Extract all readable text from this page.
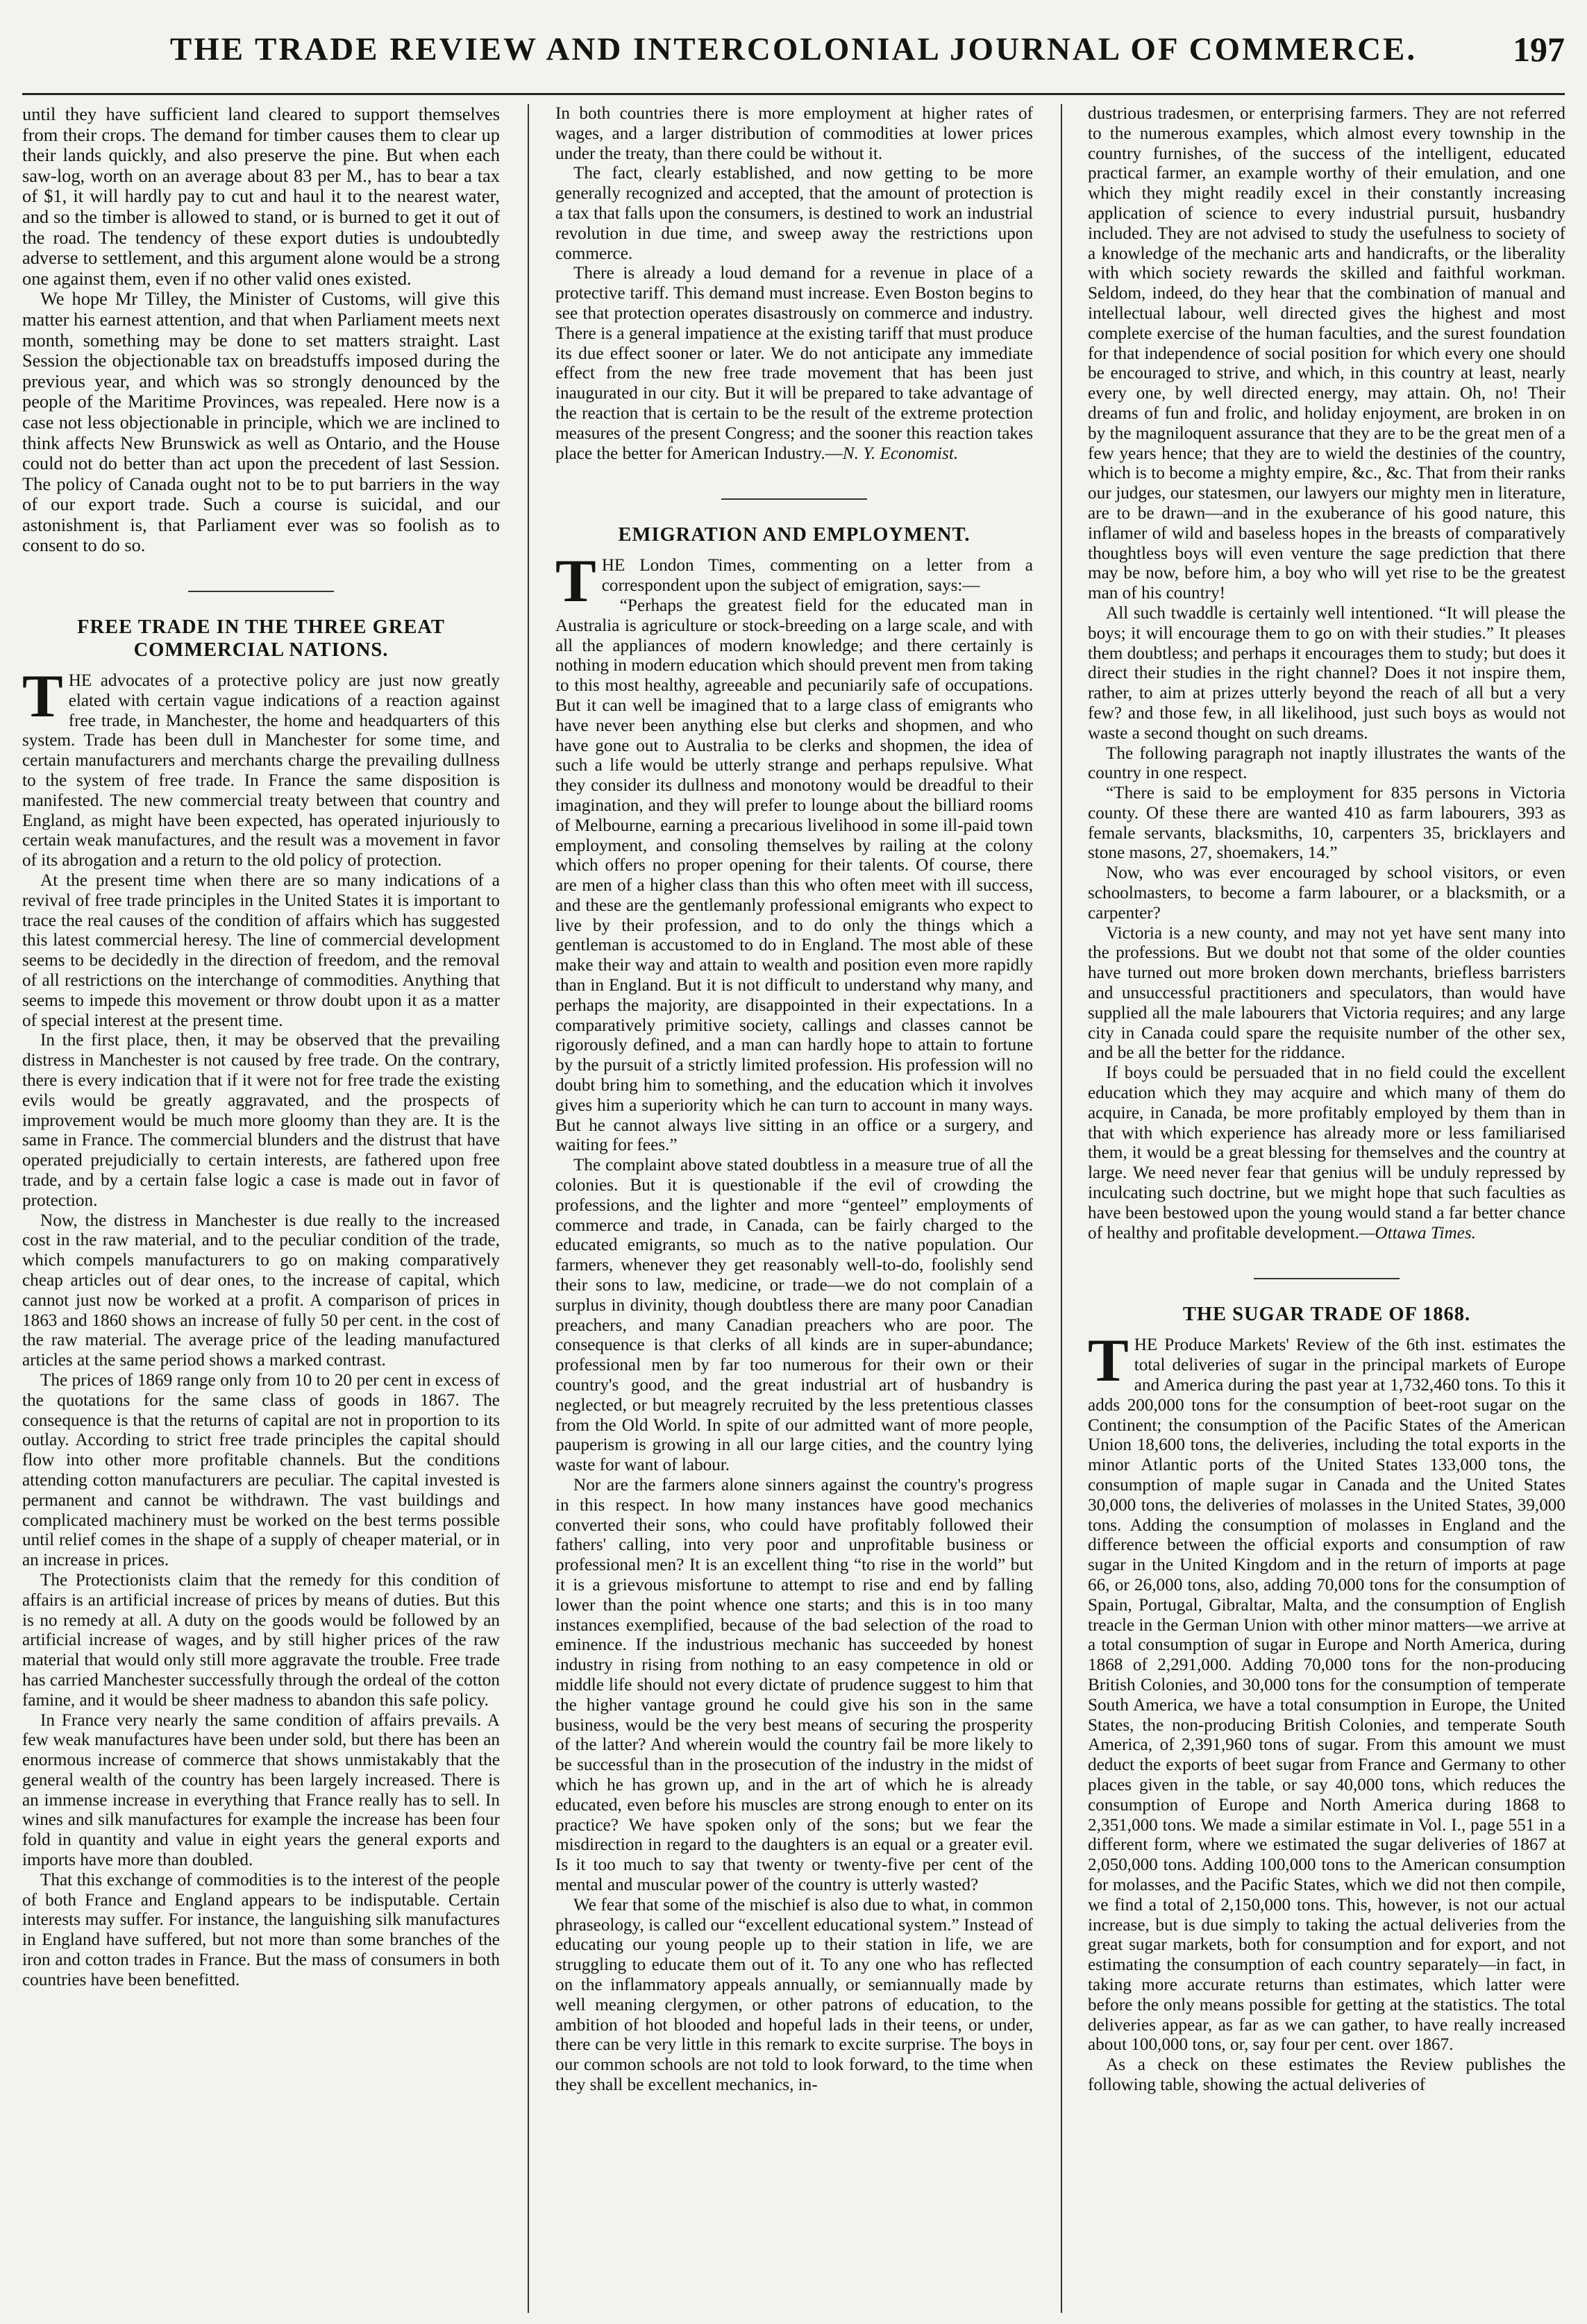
THE TRADE REVIEW AND INTERCOLONIAL JOURNAL OF COMMERCE.	197

until they have sufficient land cleared to support themselves from their crops. The demand for timber causes them to clear up their lands quickly, and also preserve the pine. But when each saw-log, worth on an average about 83 per M., has to bear a tax of $1, it will hardly pay to cut and haul it to the nearest water, and so the timber is allowed to stand, or is burned to get it out of the road. The tendency of these export duties is undoubtedly adverse to settlement, and this argument alone would be a strong one against them, even if no other valid ones existed.

We hope Mr Tilley, the Minister of Customs, will give this matter his earnest attention, and that when Parliament meets next month, something may be done to set matters straight. Last Session the objectionable tax on breadstuffs imposed during the previous year, and which was so strongly denounced by the people of the Maritime Provinces, was repealed. Here now is a case not less objectionable in principle, which we are inclined to think affects New Brunswick as well as Ontario, and the House could not do better than act upon the precedent of last Session. The policy of Canada ought not to be to put barriers in the way of our export trade. Such a course is suicidal, and our astonishment is, that Parliament ever was so foolish as to consent to do so.

FREE TRADE IN THE THREE GREAT
COMMERCIAL NATIONS.

THE advocates of a protective policy are just now greatly elated with certain vague indications of a reaction against free trade, in Manchester, the home and headquarters of this system. Trade has been dull in Manchester for some time, and certain manufacturers and merchants charge the prevailing dullness to the system of free trade. In France the same disposition is manifested. The new commercial treaty between that country and England, as might have been expected, has operated injuriously to certain weak manufactures, and the result was a movement in favor of its abrogation and a return to the old policy of protection.

At the present time when there are so many indications of a revival of free trade principles in the United States it is important to trace the real causes of the condition of affairs which has suggested this latest commercial heresy. The line of commercial development seems to be decidedly in the direction of freedom, and the removal of all restrictions on the interchange of commodities. Anything that seems to impede this movement or throw doubt upon it as a matter of special interest at the present time.

In the first place, then, it may be observed that the prevailing distress in Manchester is not caused by free trade. On the contrary, there is every indication that if it were not for free trade the existing evils would be greatly aggravated, and the prospects of improvement would be much more gloomy than they are. It is the same in France. The commercial blunders and the distrust that have operated prejudicially to certain interests, are fathered upon free trade, and by a certain false logic a case is made out in favor of protection.

Now, the distress in Manchester is due really to the increased cost in the raw material, and to the peculiar condition of the trade, which compels manufacturers to go on making comparatively cheap articles out of dear ones, to the increase of capital, which cannot just now be worked at a profit. A comparison of prices in 1863 and 1860 shows an increase of fully 50 per cent. in the cost of the raw material. The average price of the leading manufactured articles at the same period shows a marked contrast.

The prices of 1869 range only from 10 to 20 per cent in excess of the quotations for the same class of goods in 1867. The consequence is that the returns of capital are not in proportion to its outlay. According to strict free trade principles the capital should flow into other more profitable channels. But the conditions attending cotton manufacturers are peculiar. The capital invested is permanent and cannot be withdrawn. The vast buildings and complicated machinery must be worked on the best terms possible until relief comes in the shape of a supply of cheaper material, or in an increase in prices.

The Protectionists claim that the remedy for this condition of affairs is an artificial increase of prices by means of duties. But this is no remedy at all. A duty on the goods would be followed by an artificial increase of wages, and by still higher prices of the raw material that would only still more aggravate the trouble. Free trade has carried Manchester successfully through the ordeal of the cotton famine, and it would be sheer madness to abandon this safe policy.

In France very nearly the same condition of affairs prevails. A few weak manufactures have been under sold, but there has been an enormous increase of commerce that shows unmistakably that the general wealth of the country has been largely increased. There is an immense increase in everything that France really has to sell. In wines and silk manufactures for example the increase has been four fold in quantity and value in eight years the general exports and imports have more than doubled.

That this exchange of commodities is to the interest of the people of both France and England appears to be indisputable. Certain interests may suffer. For instance, the languishing silk manufactures in England have suffered, but not more than some branches of the iron and cotton trades in France. But the mass of consumers in both countries have been benefitted.

In both countries there is more employment at higher rates of wages, and a larger distribution of commodities at lower prices under the treaty, than there could be without it.

The fact, clearly established, and now getting to be more generally recognized and accepted, that the amount of protection is a tax that falls upon the consumers, is destined to work an industrial revolution in due time, and sweep away the restrictions upon commerce.

There is already a loud demand for a revenue in place of a protective tariff. This demand must increase. Even Boston begins to see that protection operates disastrously on commerce and industry. There is a general impatience at the existing tariff that must produce its due effect sooner or later. We do not anticipate any immediate effect from the new free trade movement that has been just inaugurated in our city. But it will be prepared to take advantage of the reaction that is certain to be the result of the extreme protection measures of the present Congress; and the sooner this reaction takes place the better for American Industry.—N. Y. Economist.

EMIGRATION AND EMPLOYMENT.

THE London Times, commenting on a letter from a correspondent upon the subject of emigration, says:—

“Perhaps the greatest field for the educated man in Australia is agriculture or stock-breeding on a large scale, and with all the appliances of modern knowledge; and there certainly is nothing in modern education which should prevent men from taking to this most healthy, agreeable and pecuniarily safe of occupations. But it can well be imagined that to a large class of emigrants who have never been anything else but clerks and shopmen, and who have gone out to Australia to be clerks and shopmen, the idea of such a life would be utterly strange and perhaps repulsive. What they consider its dullness and monotony would be dreadful to their imagination, and they will prefer to lounge about the billiard rooms of Melbourne, earning a precarious livelihood in some ill-paid town employment, and consoling themselves by railing at the colony which offers no proper opening for their talents. Of course, there are men of a higher class than this who often meet with ill success, and these are the gentlemanly professional emigrants who expect to live by their profession, and to do only the things which a gentleman is accustomed to do in England. The most able of these make their way and attain to wealth and position even more rapidly than in England. But it is not difficult to understand why many, and perhaps the majority, are disappointed in their expectations. In a comparatively primitive society, callings and classes cannot be rigorously defined, and a man can hardly hope to attain to fortune by the pursuit of a strictly limited profession. His profession will no doubt bring him to something, and the education which it involves gives him a superiority which he can turn to account in many ways. But he cannot always live sitting in an office or a surgery, and waiting for fees.”

The complaint above stated doubtless in a measure true of all the colonies. But it is questionable if the evil of crowding the professions, and the lighter and more “genteel” employments of commerce and trade, in Canada, can be fairly charged to the educated emigrants, so much as to the native population. Our farmers, whenever they get reasonably well-to-do, foolishly send their sons to law, medicine, or trade—we do not complain of a surplus in divinity, though doubtless there are many poor Canadian preachers, and many Canadian preachers who are poor. The consequence is that clerks of all kinds are in super-abundance; professional men by far too numerous for their own or their country's good, and the great industrial art of husbandry is neglected, or but meagrely recruited by the less pretentious classes from the Old World. In spite of our admitted want of more people, pauperism is growing in all our large cities, and the country lying waste for want of labour.

Nor are the farmers alone sinners against the country's progress in this respect. In how many instances have good mechanics converted their sons, who could have profitably followed their fathers' calling, into very poor and unprofitable business or professional men? It is an excellent thing “to rise in the world” but it is a grievous misfortune to attempt to rise and end by falling lower than the point whence one starts; and this is in too many instances exemplified, because of the bad selection of the road to eminence. If the industrious mechanic has succeeded by honest industry in rising from nothing to an easy competence in old or middle life should not every dictate of prudence suggest to him that the higher vantage ground he could give his son in the same business, would be the very best means of securing the prosperity of the latter? And wherein would the country fail be more likely to be successful than in the prosecution of the industry in the midst of which he has grown up, and in the art of which he is already educated, even before his muscles are strong enough to enter on its practice? We have spoken only of the sons; but we fear the misdirection in regard to the daughters is an equal or a greater evil. Is it too much to say that twenty or twenty-five per cent of the mental and muscular power of the country is utterly wasted?

We fear that some of the mischief is also due to what, in common phraseology, is called our “excellent educational system.” Instead of educating our young people up to their station in life, we are struggling to educate them out of it. To any one who has reflected on the inflammatory appeals annually, or semiannually made by well meaning clergymen, or other patrons of education, to the ambition of hot blooded and hopeful lads in their teens, or under, there can be very little in this remark to excite surprise. The boys in our common schools are not told to look forward, to the time when they shall be excellent mechanics, in-

dustrious tradesmen, or enterprising farmers. They are not referred to the numerous examples, which almost every township in the country furnishes, of the success of the intelligent, educated practical farmer, an example worthy of their emulation, and one which they might readily excel in their constantly increasing application of science to every industrial pursuit, husbandry included. They are not advised to study the usefulness to society of a knowledge of the mechanic arts and handicrafts, or the liberality with which society rewards the skilled and faithful workman. Seldom, indeed, do they hear that the combination of manual and intellectual labour, well directed gives the highest and most complete exercise of the human faculties, and the surest foundation for that independence of social position for which every one should be encouraged to strive, and which, in this country at least, nearly every one, by well directed energy, may attain. Oh, no! Their dreams of fun and frolic, and holiday enjoyment, are broken in on by the magniloquent assurance that they are to be the great men of a few years hence; that they are to wield the destinies of the country, which is to become a mighty empire, &c., &c. That from their ranks our judges, our statesmen, our lawyers our mighty men in literature, are to be drawn—and in the exuberance of his good nature, this inflamer of wild and baseless hopes in the breasts of comparatively thoughtless boys will even venture the sage prediction that there may be now, before him, a boy who will yet rise to be the greatest man of his country!

All such twaddle is certainly well intentioned. “It will please the boys; it will encourage them to go on with their studies.” It pleases them doubtless; and perhaps it encourages them to study; but does it direct their studies in the right channel? Does it not inspire them, rather, to aim at prizes utterly beyond the reach of all but a very few? and those few, in all likelihood, just such boys as would not waste a second thought on such dreams.

The following paragraph not inaptly illustrates the wants of the country in one respect.

“There is said to be employment for 835 persons in Victoria county. Of these there are wanted 410 as farm labourers, 393 as female servants, blacksmiths, 10, carpenters 35, bricklayers and stone masons, 27, shoemakers, 14.”

Now, who was ever encouraged by school visitors, or even schoolmasters, to become a farm labourer, or a blacksmith, or a carpenter?

Victoria is a new county, and may not yet have sent many into the professions. But we doubt not that some of the older counties have turned out more broken down merchants, briefless barristers and unsuccessful practitioners and speculators, than would have supplied all the male labourers that Victoria requires; and any large city in Canada could spare the requisite number of the other sex, and be all the better for the riddance.

If boys could be persuaded that in no field could the excellent education which they may acquire and which many of them do acquire, in Canada, be more profitably employed by them than in that with which experience has already more or less familiarised them, it would be a great blessing for themselves and the country at large. We need never fear that genius will be unduly repressed by inculcating such doctrine, but we might hope that such faculties as have been bestowed upon the young would stand a far better chance of healthy and profitable development.—Ottawa Times.

THE SUGAR TRADE OF 1868.

THE Produce Markets' Review of the 6th inst. estimates the total deliveries of sugar in the principal markets of Europe and America during the past year at 1,732,460 tons. To this it adds 200,000 tons for the consumption of beet-root sugar on the Continent; the consumption of the Pacific States of the American Union 18,600 tons, the deliveries, including the total exports in the minor Atlantic ports of the United States 133,000 tons, the consumption of maple sugar in Canada and the United States 30,000 tons, the deliveries of molasses in the United States, 39,000 tons. Adding the consumption of molasses in England and the difference between the official exports and consumption of raw sugar in the United Kingdom and in the return of imports at page 66, or 26,000 tons, also, adding 70,000 tons for the consumption of Spain, Portugal, Gibraltar, Malta, and the consumption of English treacle in the German Union with other minor matters—we arrive at a total consumption of sugar in Europe and North America, during 1868 of 2,291,000. Adding 70,000 tons for the non-producing British Colonies, and 30,000 tons for the consumption of temperate South America, we have a total consumption in Europe, the United States, the non-producing British Colonies, and temperate South America, of 2,391,960 tons of sugar. From this amount we must deduct the exports of beet sugar from France and Germany to other places given in the table, or say 40,000 tons, which reduces the consumption of Europe and North America during 1868 to 2,351,000 tons. We made a similar estimate in Vol. I., page 551 in a different form, where we estimated the sugar deliveries of 1867 at 2,050,000 tons. Adding 100,000 tons to the American consumption for molasses, and the Pacific States, which we did not then compile, we find a total of 2,150,000 tons. This, however, is not our actual increase, but is due simply to taking the actual deliveries from the great sugar markets, both for consumption and for export, and not estimating the consumption of each country separately—in fact, in taking more accurate returns than estimates, which latter were before the only means possible for getting at the statistics. The total deliveries appear, as far as we can gather, to have really increased about 100,000 tons, or, say four per cent. over 1867.

As a check on these estimates the Review publishes the following table, showing the actual deliveries of
